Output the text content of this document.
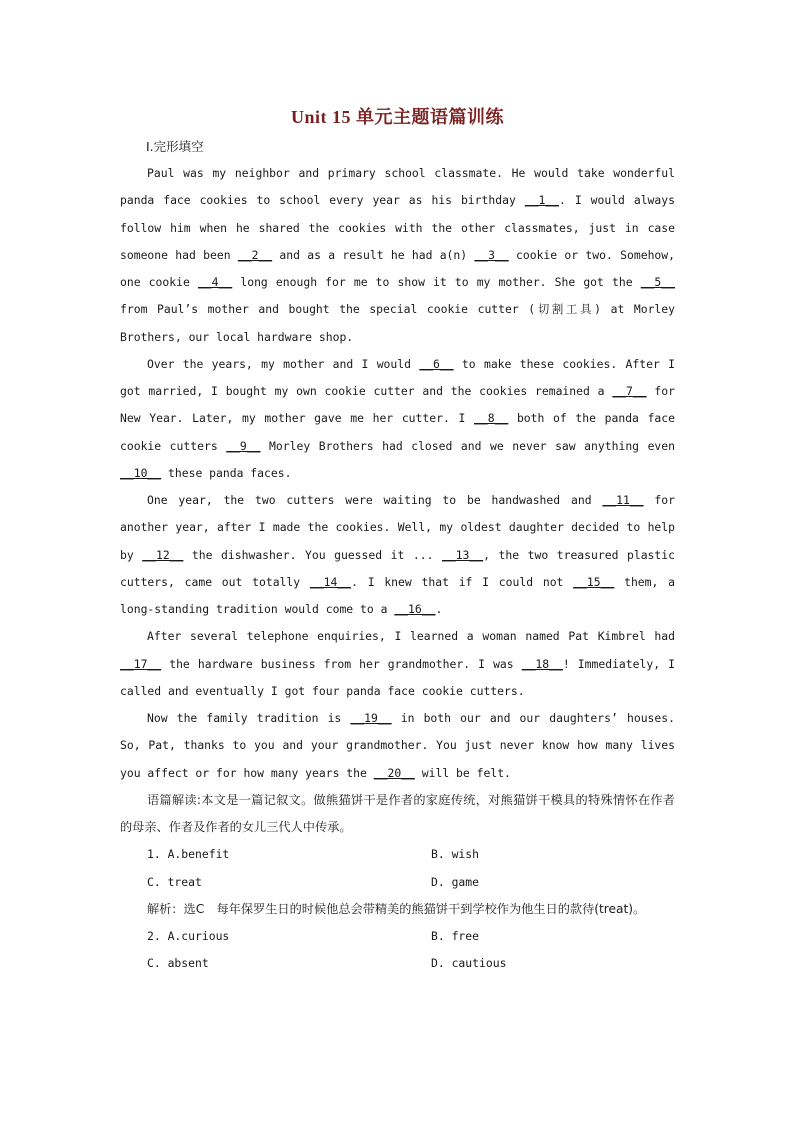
Unit 15 单元主题语篇训练
Ⅰ.完形填空

Paul was my neighbor and primary school classmate. He would take wonderful panda face cookies to school every year as his birthday __1__. I would always follow him when he shared the cookies with the other classmates, just in case someone had been __2__ and as a result he had a(n) __3__ cookie or two. Somehow, one cookie __4__ long enough for me to show it to my mother. She got the __5__ from Paul’s mother and bought the special cookie cutter (切割工具) at Morley Brothers, our local hardware shop.

Over the years, my mother and I would __6__ to make these cookies. After I got married, I bought my own cookie cutter and the cookies remained a __7__ for New Year. Later, my mother gave me her cutter. I __8__ both of the panda face cookie cutters __9__ Morley Brothers had closed and we never saw anything even __10__ these panda faces.

One year, the two cutters were waiting to be handwashed and __11__ for another year, after I made the cookies. Well, my oldest daughter decided to help by __12__ the dishwasher. You guessed it ... __13__, the two treasured plastic cutters, came out totally __14__. I knew that if I could not __15__ them, a long-standing tradition would come to a __16__.

After several telephone enquiries, I learned a woman named Pat Kimbrel had __17__ the hardware business from her grandmother. I was __18__! Immediately, I called and eventually I got four panda face cookie cutters.

Now the family tradition is __19__ in both our and our daughters’ houses. So, Pat, thanks to you and your grandmother. You just never know how many lives you affect or for how many years the __20__ will be felt.

语篇解读:本文是一篇记叙文。做熊猫饼干是作者的家庭传统，对熊猫饼干模具的特殊情怀在作者的母亲、作者及作者的女儿三代人中传承。

1. A.benefit	B. wish
C. treat	D. game

解析：选C　每年保罗生日的时候他总会带精美的熊猫饼干到学校作为他生日的款待(treat)。

2. A.curious	B. free
C. absent	D. cautious
